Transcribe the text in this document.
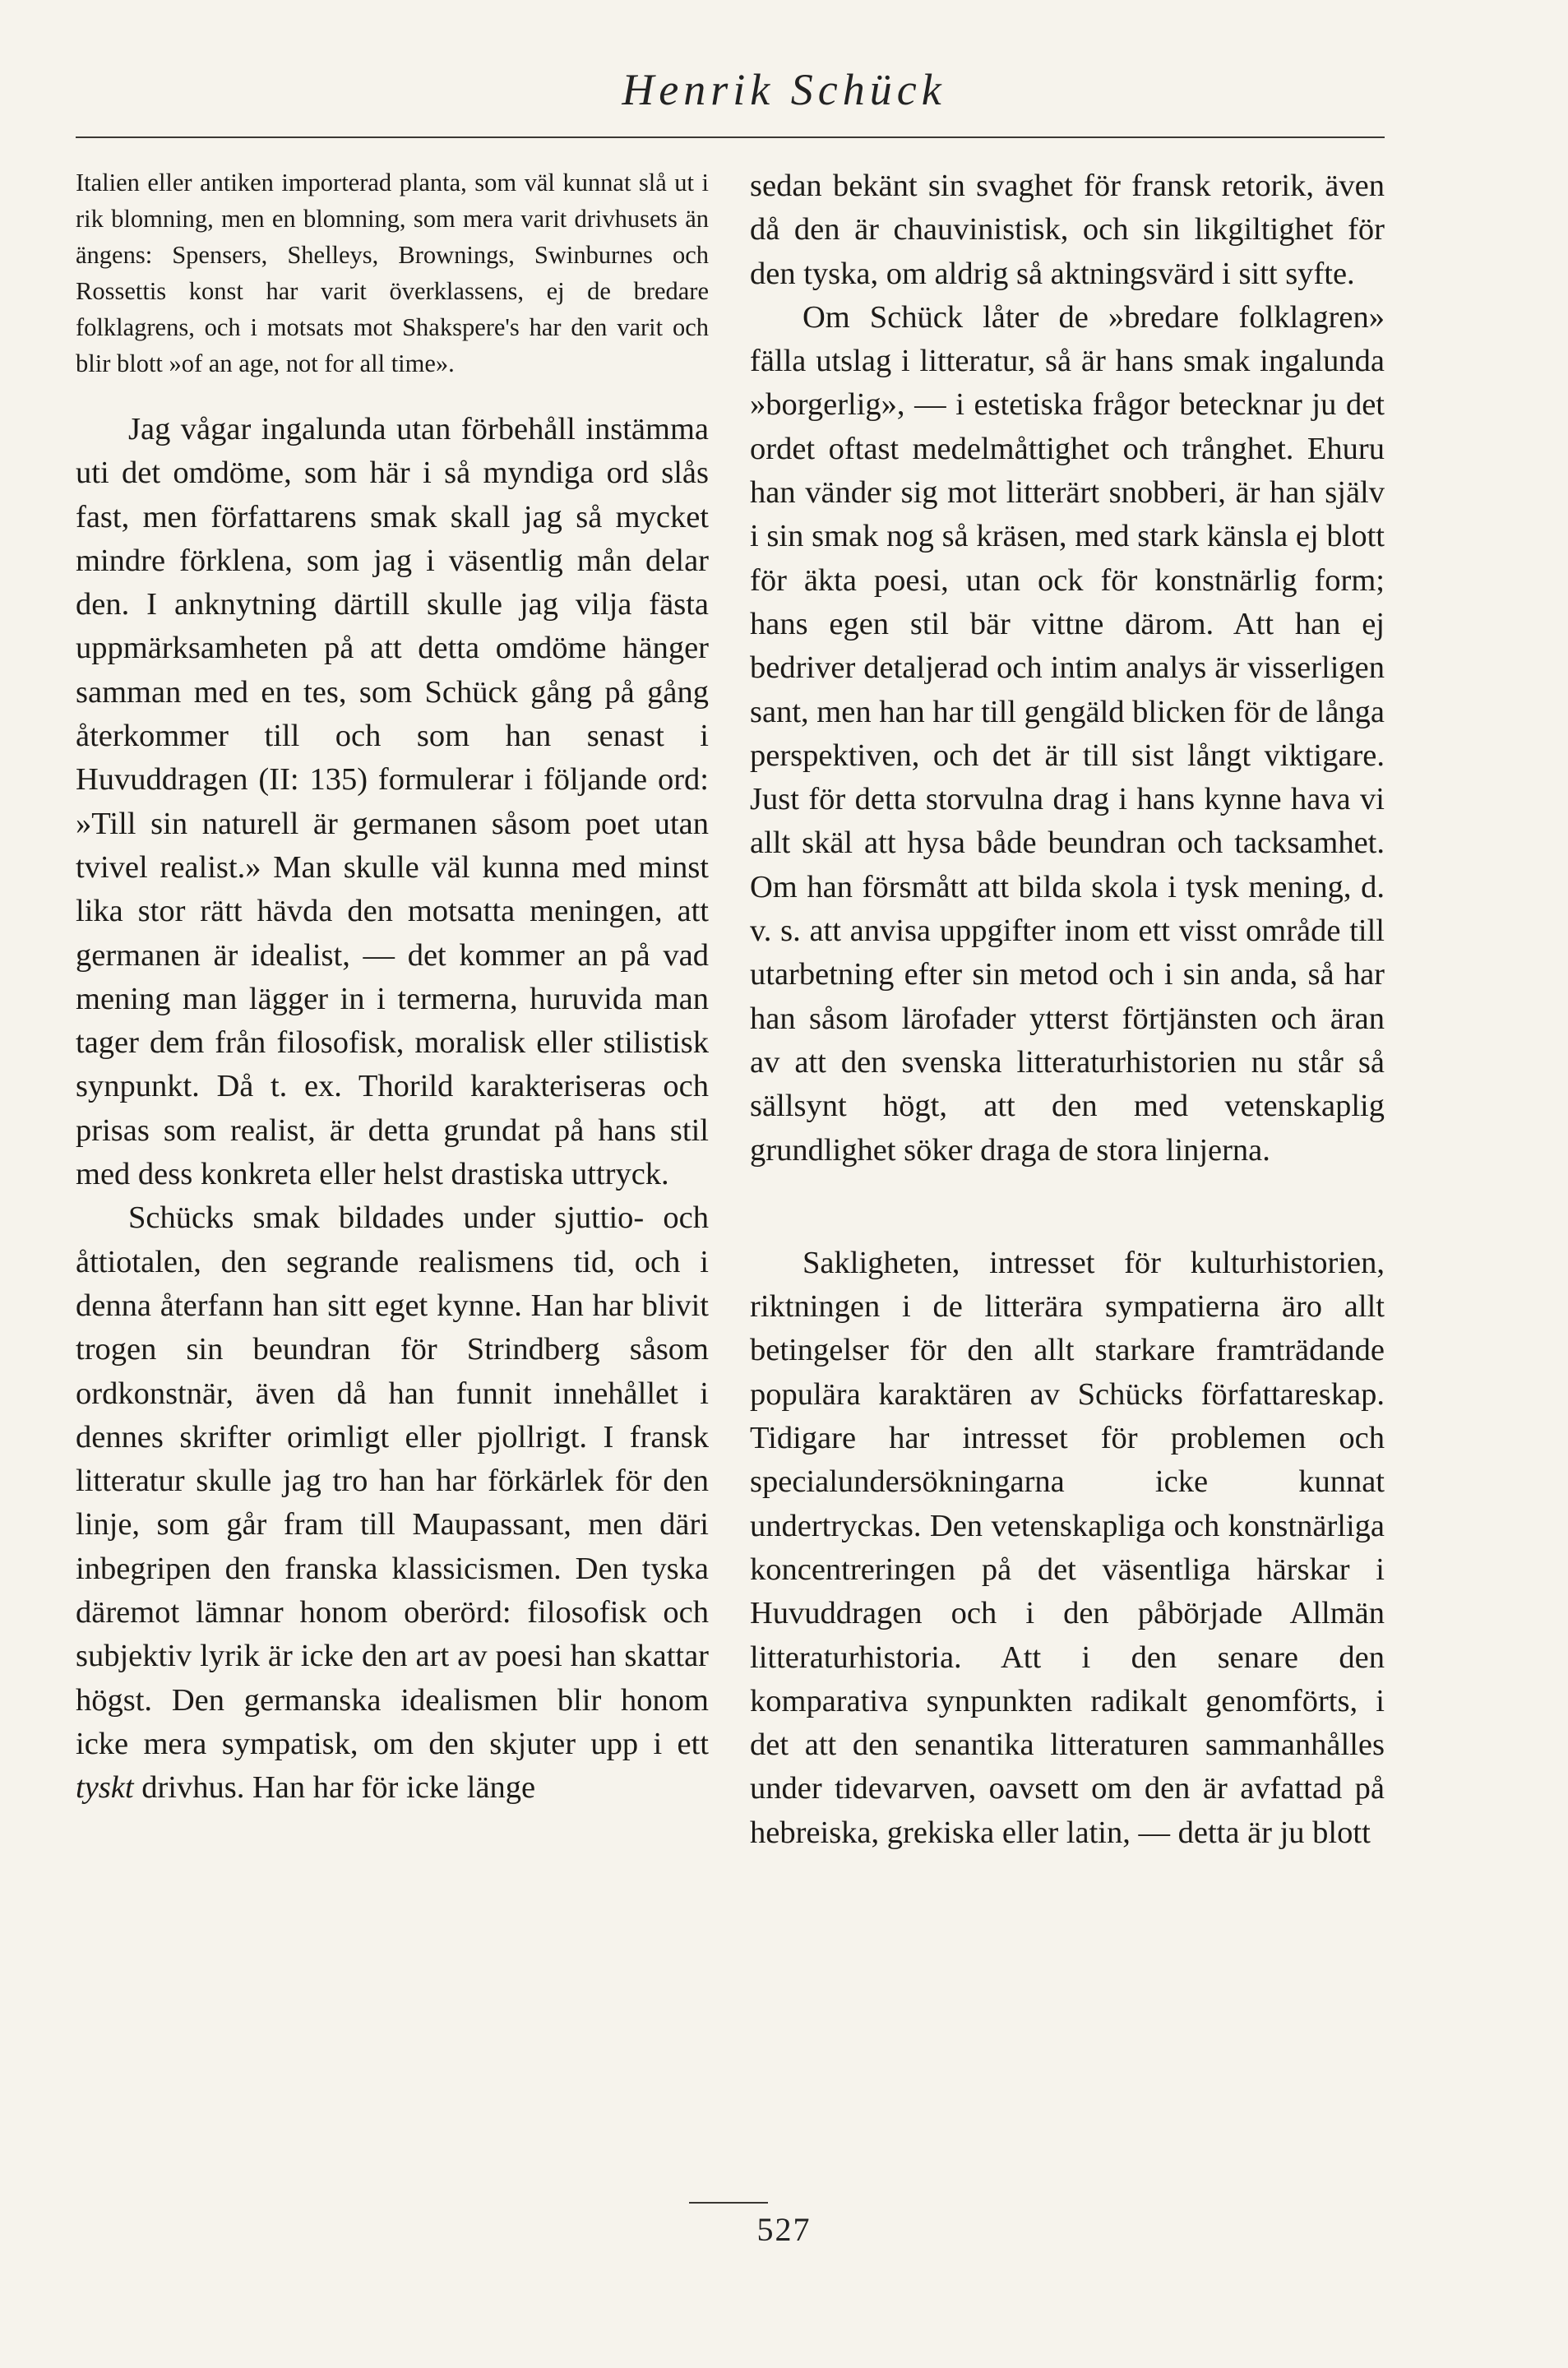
Henrik Schück

Italien eller antiken importerad planta, som väl kunnat slå ut i rik blomning, men en blomning, som mera varit drivhusets än ängens: Spensers, Shelleys, Brownings, Swinburnes och Rossettis konst har varit överklassens, ej de bredare folklagrens, och i motsats mot Shakspere's har den varit och blir blott »of an age, not for all time».

Jag vågar ingalunda utan förbehåll instämma uti det omdöme, som här i så myndiga ord slås fast, men författarens smak skall jag så mycket mindre förklena, som jag i väsentlig mån delar den. I anknytning därtill skulle jag vilja fästa uppmärksamheten på att detta omdöme hänger samman med en tes, som Schück gång på gång återkommer till och som han senast i Huvuddragen (II: 135) formulerar i följande ord: »Till sin naturell är germanen såsom poet utan tvivel realist.» Man skulle väl kunna med minst lika stor rätt hävda den motsatta meningen, att germanen är idealist, — det kommer an på vad mening man lägger in i termerna, huruvida man tager dem från filosofisk, moralisk eller stilistisk synpunkt. Då t. ex. Thorild karakteriseras och prisas som realist, är detta grundat på hans stil med dess konkreta eller helst drastiska uttryck.

Schücks smak bildades under sjuttio- och åttiotalen, den segrande realismens tid, och i denna återfann han sitt eget kynne. Han har blivit trogen sin beundran för Strindberg såsom ordkonstnär, även då han funnit innehållet i dennes skrifter orimligt eller pjollrigt. I fransk litteratur skulle jag tro han har förkärlek för den linje, som går fram till Maupassant, men däri inbegripen den franska klassicismen. Den tyska däremot lämnar honom oberörd: filosofisk och subjektiv lyrik är icke den art av poesi han skattar högst. Den germanska idealismen blir honom icke mera sympatisk, om den skjuter upp i ett tyskt drivhus. Han har för icke länge

sedan bekänt sin svaghet för fransk retorik, även då den är chauvinistisk, och sin likgiltighet för den tyska, om aldrig så aktningsvärd i sitt syfte.

Om Schück låter de »bredare folklagren» fälla utslag i litteratur, så är hans smak ingalunda »borgerlig», — i estetiska frågor betecknar ju det ordet oftast medelmåttighet och trånghet. Ehuru han vänder sig mot litterärt snobberi, är han själv i sin smak nog så kräsen, med stark känsla ej blott för äkta poesi, utan ock för konstnärlig form; hans egen stil bär vittne därom. Att han ej bedriver detaljerad och intim analys är visserligen sant, men han har till gengäld blicken för de långa perspektiven, och det är till sist långt viktigare. Just för detta storvulna drag i hans kynne hava vi allt skäl att hysa både beundran och tacksamhet. Om han försmått att bilda skola i tysk mening, d. v. s. att anvisa uppgifter inom ett visst område till utarbetning efter sin metod och i sin anda, så har han såsom lärofader ytterst förtjänsten och äran av att den svenska litteraturhistorien nu står så sällsynt högt, att den med vetenskaplig grundlighet söker draga de stora linjerna.

Sakligheten, intresset för kulturhistorien, riktningen i de litterära sympatierna äro allt betingelser för den allt starkare framträdande populära karaktären av Schücks författareskap. Tidigare har intresset för problemen och specialundersökningarna icke kunnat undertryckas. Den vetenskapliga och konstnärliga koncentreringen på det väsentliga härskar i Huvuddragen och i den påbörjade Allmän litteraturhistoria. Att i den senare den komparativa synpunkten radikalt genomförts, i det att den senantika litteraturen sammanhålles under tidevarven, oavsett om den är avfattad på hebreiska, grekiska eller latin, — detta är ju blott

527
